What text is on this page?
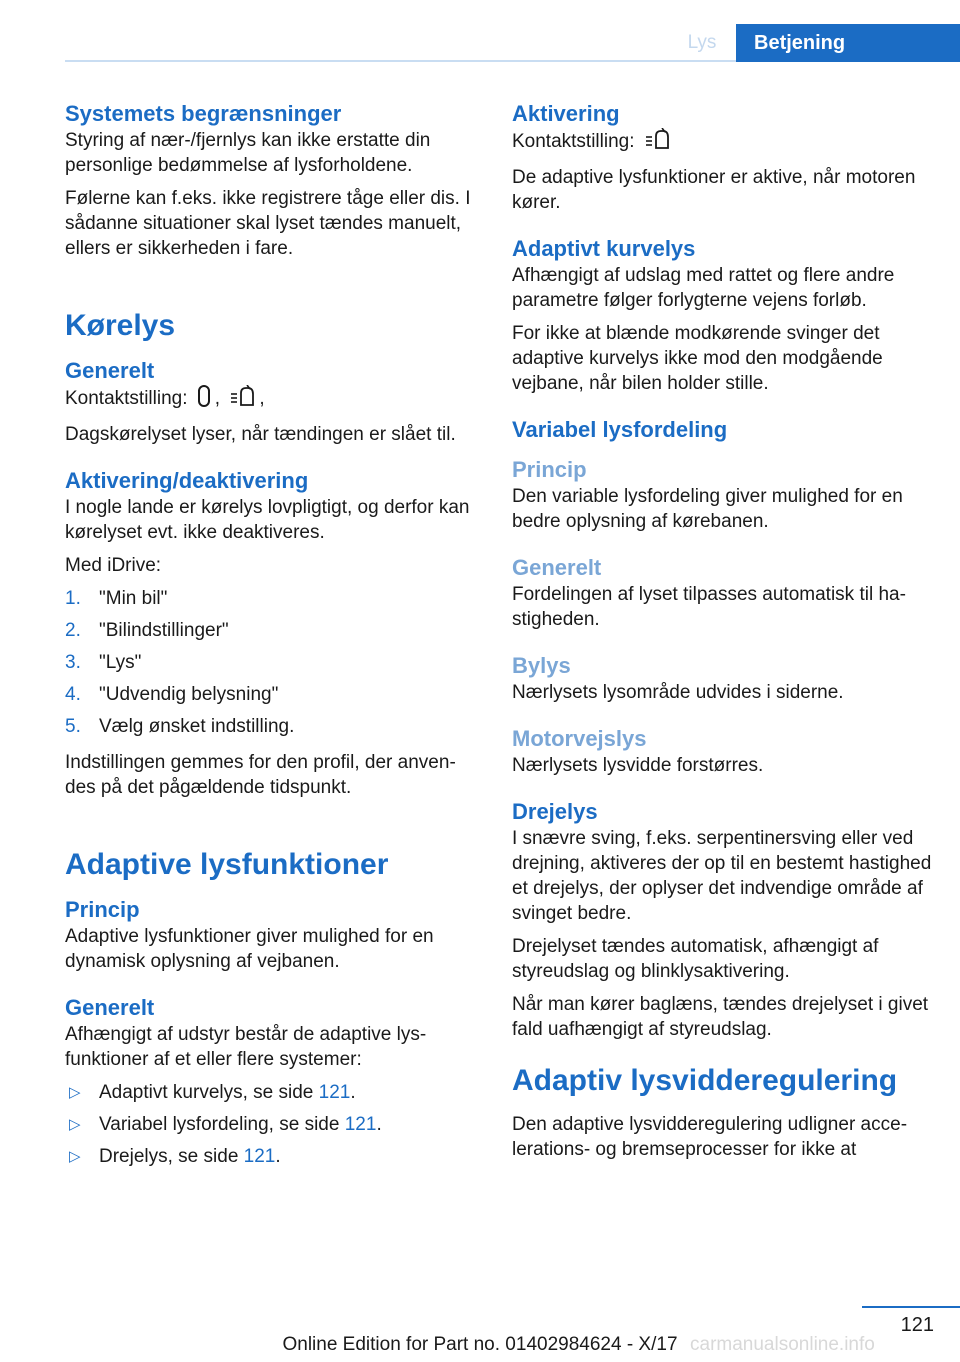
Lys	Betjening
Systemets begrænsninger

Styring af nær-/fjernlys kan ikke erstatte din personlige bedømmelse af lysforholdene.

Følerne kan f.eks. ikke registrere tåge eller dis. I sådanne situationer skal lyset tændes manuelt, ellers er sikkerheden i fare.

Kørelys
Generelt

Kontaktstilling: , ,

Dagskørelyset lyser, når tændingen er slået til.

Aktivering/deaktivering

I nogle lande er kørelys lovpligtigt, og derfor kan kørelyset evt. ikke deaktiveres.

Med iDrive:

1. "Min bil"
2. "Bilindstillinger"
3. "Lys"
4. "Udvendig belysning"
5. Vælg ønsket indstilling.

Indstillingen gemmes for den profil, der anvendes på det pågældende tidspunkt.

Adaptive lysfunktioner
Princip

Adaptive lysfunktioner giver mulighed for en dynamisk oplysning af vejbanen.

Generelt

Afhængigt af udstyr består de adaptive lysfunktioner af et eller flere systemer:

▷ Adaptivt kurvelys, se side 121.
▷ Variabel lysfordeling, se side 121.
▷ Drejelys, se side 121.
Aktivering

Kontaktstilling:

De adaptive lysfunktioner er aktive, når motoren kører.

Adaptivt kurvelys

Afhængigt af udslag med rattet og flere andre parametre følger forlygterne vejens forløb.

For ikke at blænde modkørende svinger det adaptive kurvelys ikke mod den modgående vejbane, når bilen holder stille.

Variabel lysfordeling
Princip

Den variable lysfordeling giver mulighed for en bedre oplysning af kørebanen.

Generelt

Fordelingen af lyset tilpasses automatisk til hastigheden.

Bylys

Nærlysets lysområde udvides i siderne.

Motorvejslys

Nærlysets lysvidde forstørres.

Drejelys

I snævre sving, f.eks. serpentinersving eller ved drejning, aktiveres der op til en bestemt hastighed et drejelys, der oplyser det indvendige område af svinget bedre.

Drejelyset tændes automatisk, afhængigt af styreudslag og blinklysaktivering.

Når man kører baglæns, tændes drejelyset i givet fald uafhængigt af styreudslag.

Adaptiv lysvidderegulering

Den adaptive lysvidderegulering udligner accelerations- og bremseprocesser for ikke at

121
carmanualsonline.info
Online Edition for Part no. 01402984624 - X/17
